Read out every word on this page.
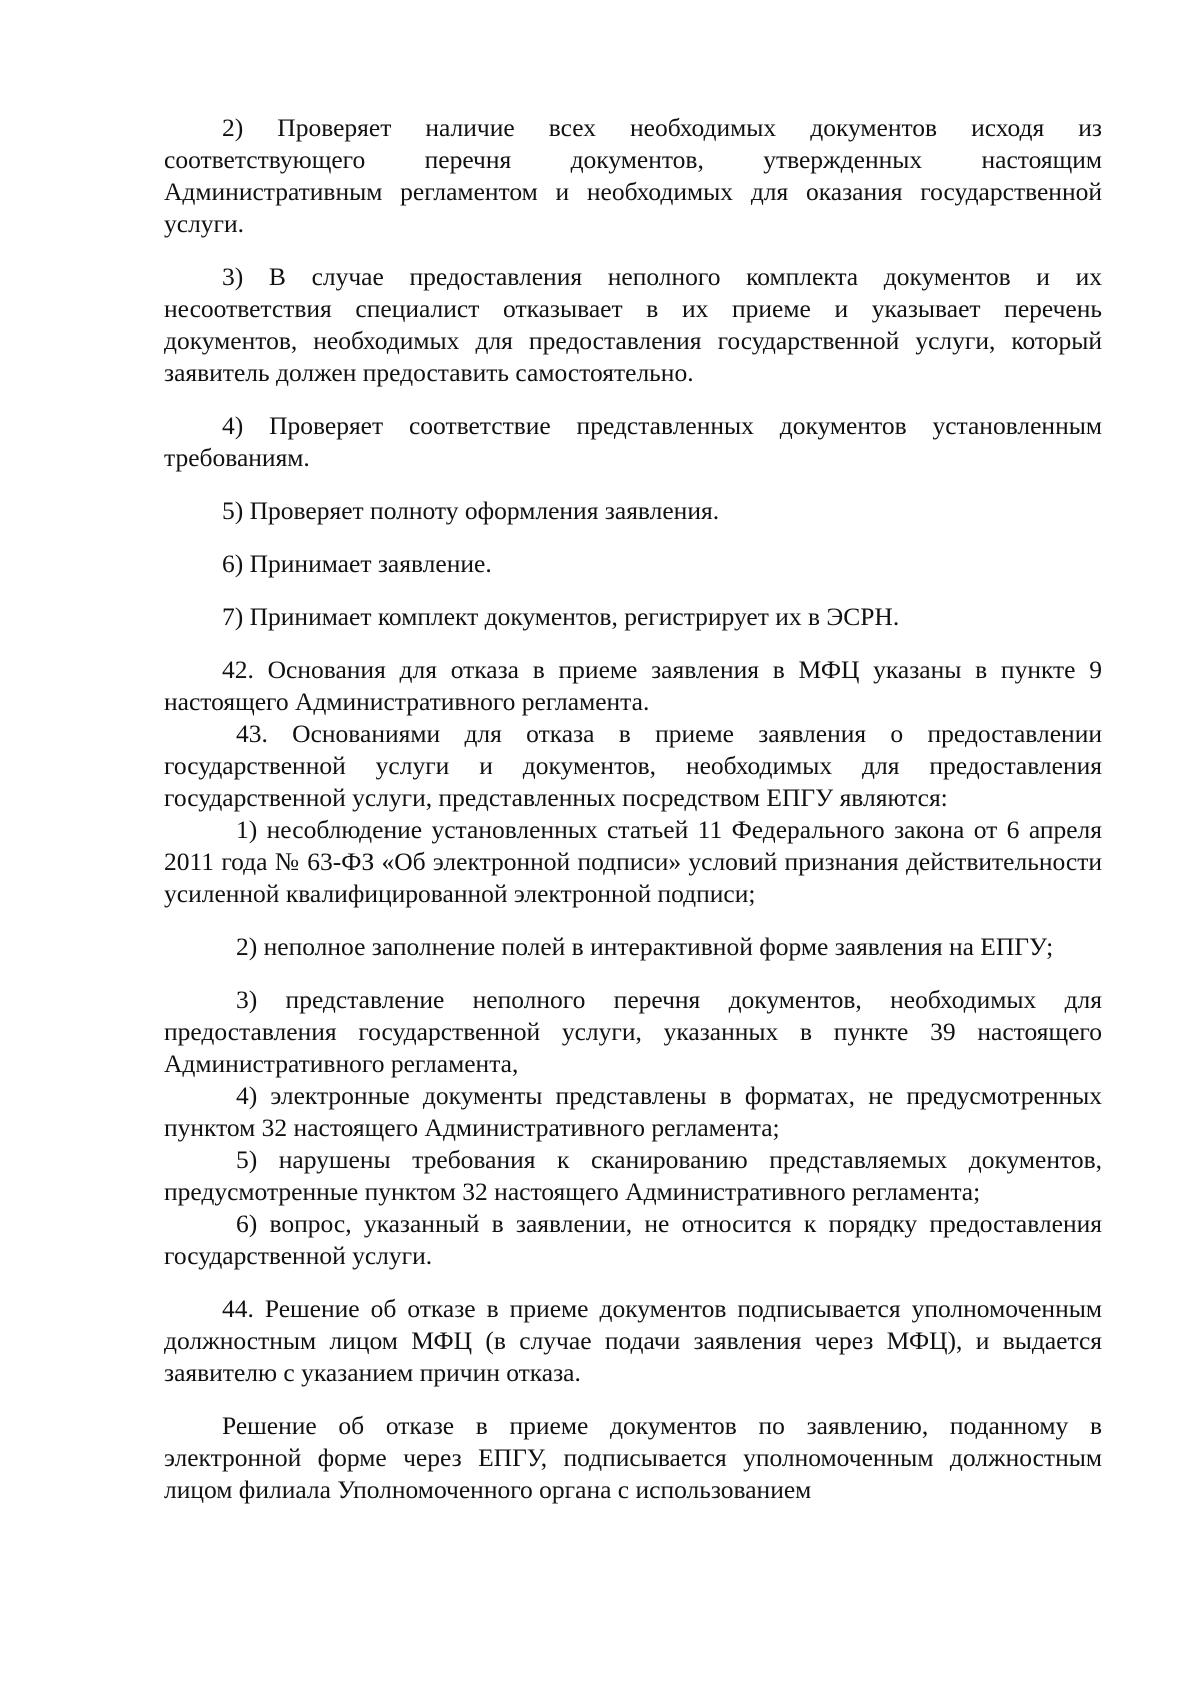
2) Проверяет наличие всех необходимых документов исходя из соответствующего перечня документов, утвержденных настоящим Административным регламентом и необходимых для оказания государственной услуги.

3) В случае предоставления неполного комплекта документов и их несоответствия специалист отказывает в их приеме и указывает перечень документов, необходимых для предоставления государственной услуги, который заявитель должен предоставить самостоятельно.

4) Проверяет соответствие представленных документов установленным требованиям.

5) Проверяет полноту оформления заявления.

6) Принимает заявление.

7) Принимает комплект документов, регистрирует их в ЭСРН.

42. Основания для отказа в приеме заявления в МФЦ указаны в пункте 9 настоящего Административного регламента.

43. Основаниями для отказа в приеме заявления о предоставлении государственной услуги и документов, необходимых для предоставления государственной услуги, представленных посредством ЕПГУ являются:

1) несоблюдение установленных статьей 11 Федерального закона от 6 апреля 2011 года № 63-ФЗ «Об электронной подписи» условий признания действительности усиленной квалифицированной электронной подписи;

2) неполное заполнение полей в интерактивной форме заявления на ЕПГУ;

3) представление неполного перечня документов, необходимых для предоставления государственной услуги, указанных в пункте 39 настоящего Административного регламента,

4) электронные документы представлены в форматах, не предусмотренных пунктом 32 настоящего Административного регламента;

5) нарушены требования к сканированию представляемых документов, предусмотренные пунктом 32 настоящего Административного регламента;

6) вопрос, указанный в заявлении, не относится к порядку предоставления государственной услуги.

44. Решение об отказе в приеме документов подписывается уполномоченным должностным лицом МФЦ (в случае подачи заявления через МФЦ), и выдается заявителю с указанием причин отказа.

Решение об отказе в приеме документов по заявлению, поданному в электронной форме через ЕПГУ, подписывается уполномоченным должностным лицом филиала Уполномоченного органа с использованием
